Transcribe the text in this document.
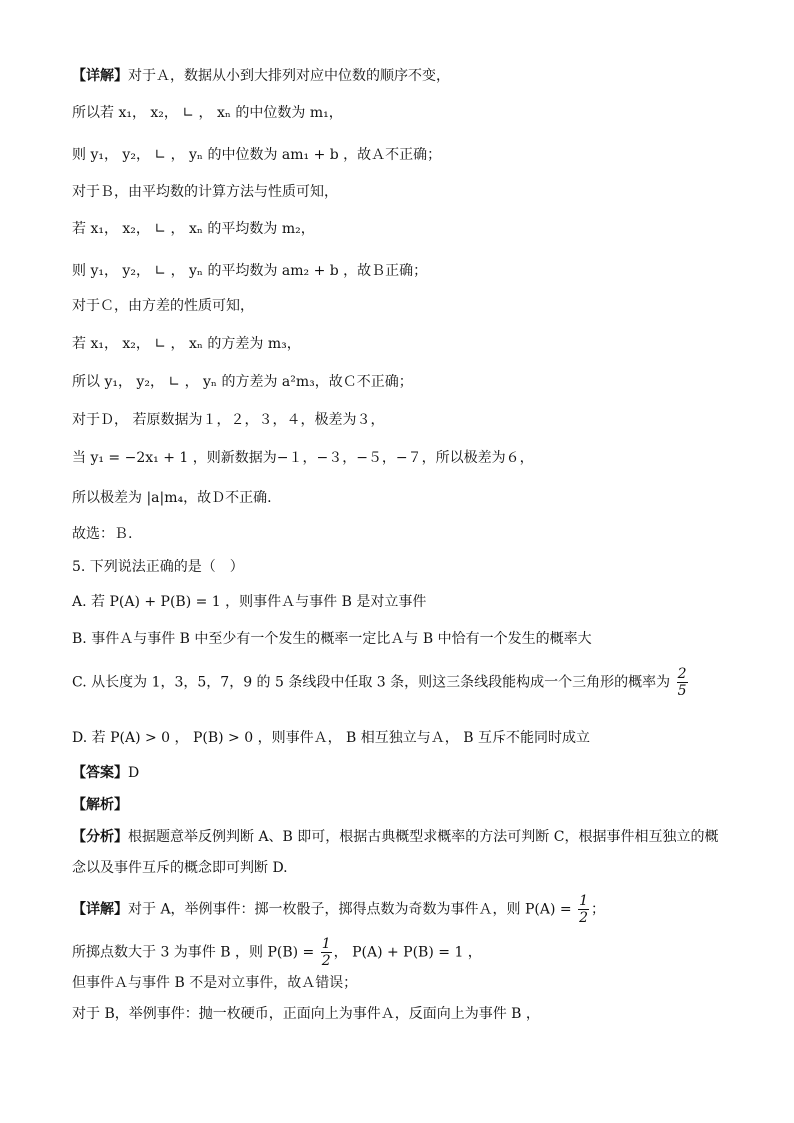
【详解】对于Ａ，数据从小到大排列对应中位数的顺序不变，
所以若 x₁， x₂， ∟ ， xₙ 的中位数为 m₁，
则 y₁， y₂， ∟ ， yₙ 的中位数为 am₁ + b ，故Ａ不正确；
对于Ｂ，由平均数的计算方法与性质可知，
若 x₁， x₂， ∟ ， xₙ 的平均数为 m₂，
则 y₁， y₂， ∟ ， yₙ 的平均数为 am₂ + b ，故Ｂ正确；
对于Ｃ，由方差的性质可知，
若 x₁， x₂， ∟ ， xₙ 的方差为 m₃，
所以 y₁， y₂， ∟ ， yₙ 的方差为 a²m₃，故Ｃ不正确；
对于Ｄ， 若原数据为１，２，３，４，极差为３，
当 y₁ = −2x₁ + 1 ，则新数据为−１，−３，−５，−７，所以极差为６，
所以极差为 |a|m₄，故Ｄ不正确.
故选：Ｂ.
5. 下列说法正确的是（　）
A. 若 P(A) + P(B) = 1 ，则事件Ａ与事件 B 是对立事件
B. 事件Ａ与事件 B 中至少有一个发生的概率一定比Ａ与 B 中恰有一个发生的概率大
C. 从长度为 1，3，5，7，9 的 5 条线段中任取 3 条，则这三条线段能构成一个三角形的概率为 $\frac{2}{5}$
D. 若 P(A) > 0 ， P(B) > 0 ，则事件Ａ， B 相互独立与Ａ， B 互斥不能同时成立
【答案】D
【解析】
【分析】根据题意举反例判断 A、B 即可，根据古典概型求概率的方法可判断 C，根据事件相互独立的概
念以及事件互斥的概念即可判断 D.
【详解】对于 A，举例事件：掷一枚骰子，掷得点数为奇数为事件Ａ，则 $P(A) = \frac{1}{2}$ ；
所掷点数大于 3 为事件 B ，则 $P(B) = \frac{1}{2}$ ， P(A) + P(B) = 1 ，
但事件Ａ与事件 B 不是对立事件，故Ａ错误；
对于 B，举例事件：抛一枚硬币，正面向上为事件Ａ，反面向上为事件 B ，
